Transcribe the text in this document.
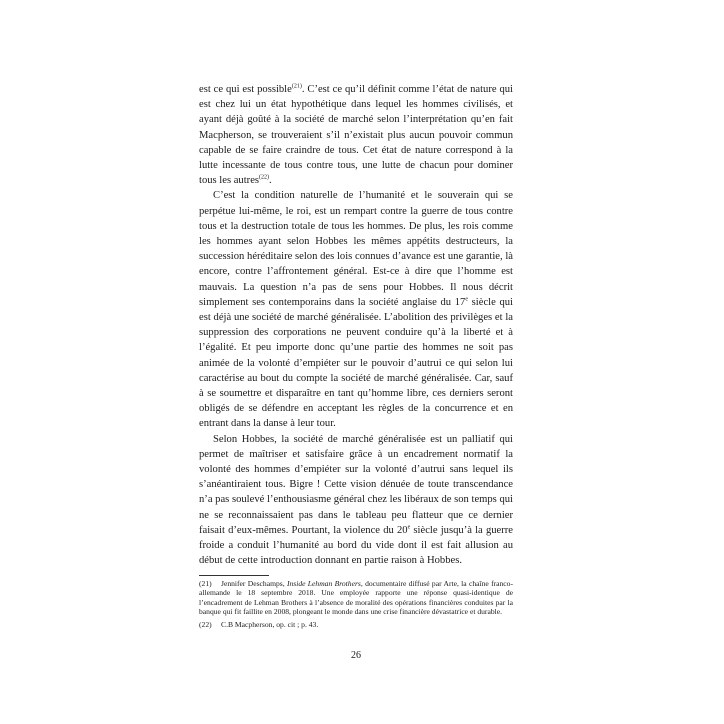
est ce qui est possible$^{(21)}$. C’est ce qu’il définit comme l’état de nature qui est chez lui un état hypothétique dans lequel les hommes civilisés, et ayant déjà goûté à la société de marché selon l’interprétation qu’en fait Macpherson, se trouveraient s’il n’existait plus aucun pouvoir commun capable de se faire craindre de tous. Cet état de nature correspond à la lutte incessante de tous contre tous, une lutte de chacun pour dominer tous les autres$^{(22)}$.

C’est la condition naturelle de l’humanité et le souverain qui se perpétue lui-même, le roi, est un rempart contre la guerre de tous contre tous et la destruction totale de tous les hommes. De plus, les rois comme les hommes ayant selon Hobbes les mêmes appétits destructeurs, la succession héréditaire selon des lois connues d’avance est une garantie, là encore, contre l’affrontement général. Est-ce à dire que l’homme est mauvais. La question n’a pas de sens pour Hobbes. Il nous décrit simplement ses contemporains dans la société anglaise du 17e siècle qui est déjà une société de marché généralisée. L’abolition des privilèges et la suppression des corporations ne peuvent conduire qu’à la liberté et à l’égalité. Et peu importe donc qu’une partie des hommes ne soit pas animée de la volonté d’empiéter sur le pouvoir d’autrui ce qui selon lui caractérise au bout du compte la société de marché généralisée. Car, sauf à se soumettre et disparaître en tant qu’homme libre, ces derniers seront obligés de se défendre en acceptant les règles de la concurrence et en entrant dans la danse à leur tour.

Selon Hobbes, la société de marché généralisée est un palliatif qui permet de maîtriser et satisfaire grâce à un encadrement normatif la volonté des hommes d’empiéter sur la volonté d’autrui sans lequel ils s’anéantiraient tous. Bigre ! Cette vision dénuée de toute transcendance n’a pas soulevé l’enthousiasme général chez les libéraux de son temps qui ne se reconnaissaient pas dans le tableau peu flatteur que ce dernier faisait d’eux-mêmes. Pourtant, la violence du 20e siècle jusqu’à la guerre froide a conduit l’humanité au bord du vide dont il est fait allusion au début de cette introduction donnant en partie raison à Hobbes.

(21) Jennifer Deschamps, Inside Lehman Brothers, documentaire diffusé par Arte, la chaîne franco-allemande le 18 septembre 2018. Une employée rapporte une réponse quasi-identique de l’encadrement de Lehman Brothers à l’absence de moralité des opérations financières conduites par la banque qui fit faillite en 2008, plongeant le monde dans une crise financière dévastatrice et durable.

(22) C.B Macpherson, op. cit ; p. 43.

26
